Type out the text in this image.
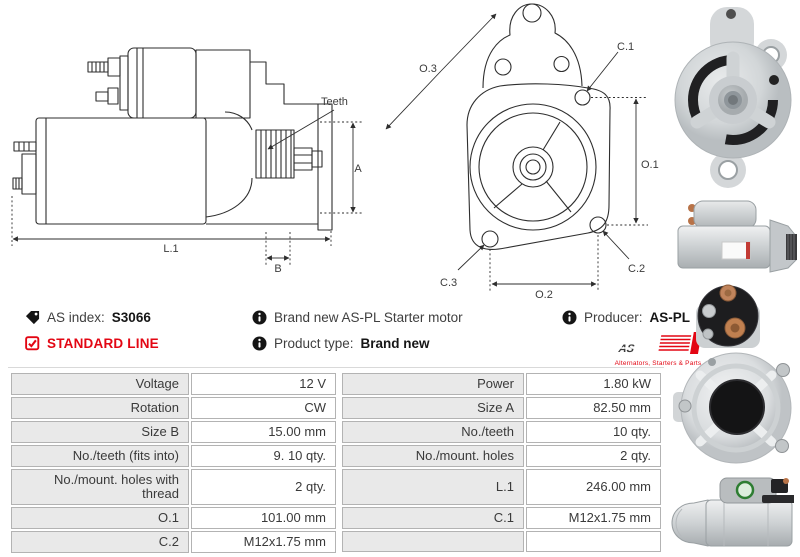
Teeth
A
L.1
B
O.3
C.1
O.1
C.2
C.3
O.2
AS index: S3066
STANDARD LINE
Brand new AS-PL Starter motor
Product type: Brand new
Producer: AS-PL
AS
Alternators, Starters & Parts
Voltage	12 V
Rotation	CW
Size B	15.00 mm
No./teeth (fits into)	9. 10 qty.
No./mount. holes with thread	2 qty.
O.1	101.00 mm
C.2	M12x1.75 mm
Power	1.80 kW
Size A	82.50 mm
No./teeth	10 qty.
No./mount. holes	2 qty.
L.1	246.00 mm
C.1	M12x1.75 mm
